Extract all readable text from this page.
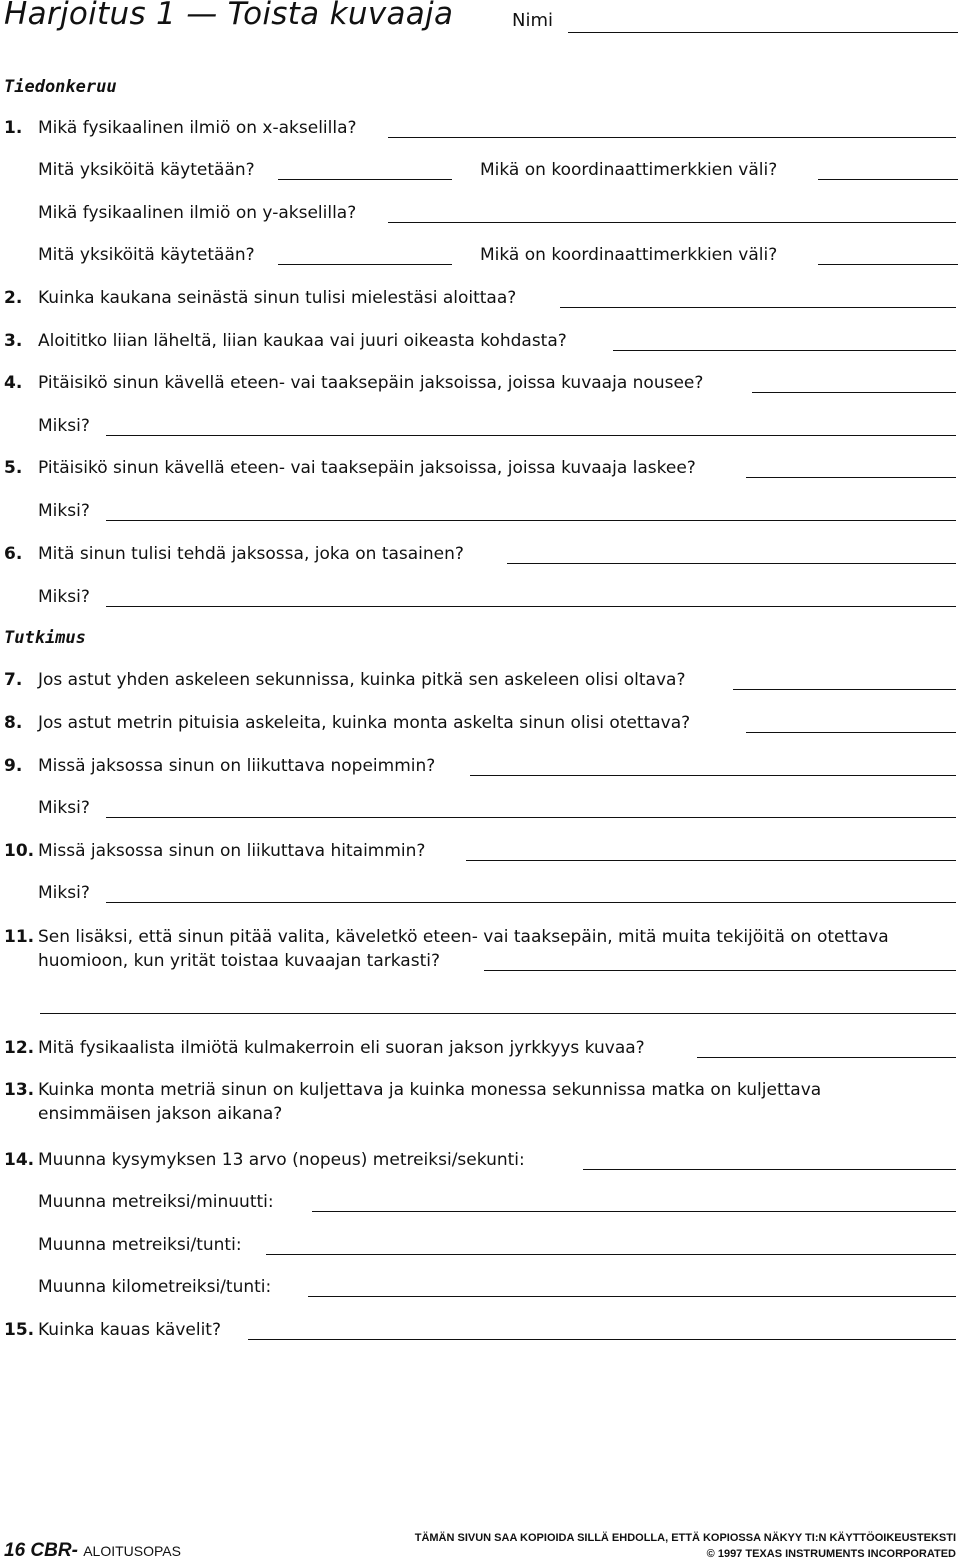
Harjoitus 1 — Toista kuvaaja	Nimi
Tiedonkeruu
1. Mikä fysikaalinen ilmiö on x-akselilla?
Mitä yksiköitä käytetään?	Mikä on koordinaattimerkkien väli?
Mikä fysikaalinen ilmiö on y-akselilla?
Mitä yksiköitä käytetään?	Mikä on koordinaattimerkkien väli?
2. Kuinka kaukana seinästä sinun tulisi mielestäsi aloittaa?
3. Aloititko liian läheltä, liian kaukaa vai juuri oikeasta kohdasta?
4. Pitäisikö sinun kävellä eteen- vai taaksepäin jaksoissa, joissa kuvaaja nousee?
Miksi?
5. Pitäisikö sinun kävellä eteen- vai taaksepäin jaksoissa, joissa kuvaaja laskee?
Miksi?
6. Mitä sinun tulisi tehdä jaksossa, joka on tasainen?
Miksi?
Tutkimus
7. Jos astut yhden askeleen sekunnissa, kuinka pitkä sen askeleen olisi oltava?
8. Jos astut metrin pituisia askeleita, kuinka monta askelta sinun olisi otettava?
9. Missä jaksossa sinun on liikuttava nopeimmin?
Miksi?
10. Missä jaksossa sinun on liikuttava hitaimmin?
Miksi?
11. Sen lisäksi, että sinun pitää valita, käveletkö eteen- vai taaksepäin, mitä muita tekijöitä on otettava
huomioon, kun yrität toistaa kuvaajan tarkasti?
12. Mitä fysikaalista ilmiötä kulmakerroin eli suoran jakson jyrkkyys kuvaa?
13. Kuinka monta metriä sinun on kuljettava ja kuinka monessa sekunnissa matka on kuljettava
ensimmäisen jakson aikana?
14. Muunna kysymyksen 13 arvo (nopeus) metreiksi/sekunti:
Muunna metreiksi/minuutti:
Muunna metreiksi/tunti:
Muunna kilometreiksi/tunti:
15. Kuinka kauas kävelit?
16 CBR- ALOITUSOPAS
TÄMÄN SIVUN SAA KOPIOIDA SILLÄ EHDOLLA, ETTÄ KOPIOSSA NÄKYY TI:N KÄYTTÖOIKEUSTEKSTI
© 1997 TEXAS INSTRUMENTS INCORPORATED
